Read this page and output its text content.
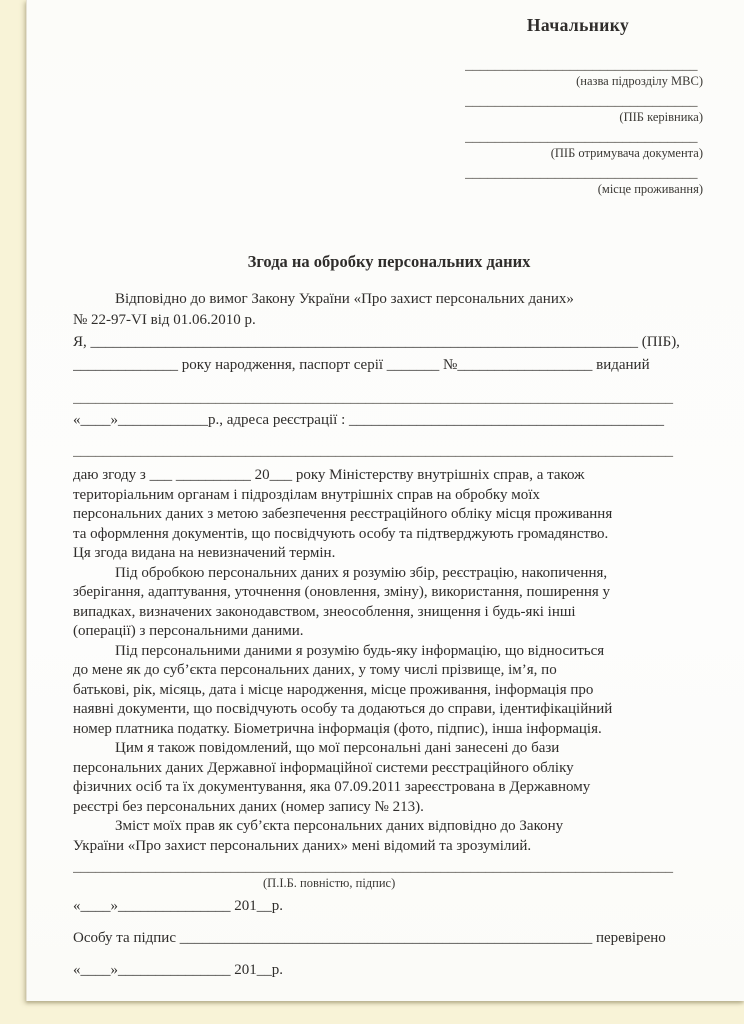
Начальнику
_______________________________
(назва підрозділу МВС)
_______________________________
(ПІБ керівника)
_______________________________
(ПІБ отримувача документа)
_______________________________
(місце проживання)
Згода на обробку персональних даних
Відповідно до вимог Закону України «Про захист персональних даних»
№ 22-97-VI від 01.06.2010 р.
Я, _________________________________________________________________________ (ПІБ),
______________ року народження, паспорт серії _______ №__________________ виданий
________________________________________________________________________________
«____»____________р., адреса реєстрації : __________________________________________
________________________________________________________________________________
даю згоду з ___ __________ 20___ року Міністерству внутрішніх справ, а також
територіальним органам і підрозділам внутрішніх справ на обробку моїх
персональних даних з метою забезпечення реєстраційного обліку місця проживання
та оформлення документів, що посвідчують особу та підтверджують громадянство.
Ця згода видана на невизначений термін.
Під обробкою персональних даних я розумію збір, реєстрацію, накопичення,
зберігання, адаптування, уточнення (оновлення, зміну), використання, поширення у
випадках, визначених законодавством, знеособлення, знищення і будь-які інші
(операції) з персональними даними.
Під персональними даними я розумію будь-яку інформацію, що відноситься
до мене як до суб’єкта персональних даних, у тому числі прізвище, ім’я, по
батькові, рік, місяць, дата і місце народження, місце проживання, інформація про
наявні документи, що посвідчують особу та додаються до справи, ідентифікаційний
номер платника податку. Біометрична інформація (фото, підпис), інша інформація.
Цим я також повідомлений, що мої персональні дані занесені до бази
персональних даних Державної інформаційної системи реєстраційного обліку
фізичних осіб та їх документування, яка 07.09.2011 зареєстрована в Державному
реєстрі без персональних даних (номер запису № 213).
Зміст моїх прав як суб’єкта персональних даних відповідно до Закону
України «Про захист персональних даних» мені відомий та зрозумілий.
________________________________________________________________________________
(П.І.Б. повністю, підпис)
«____»_______________ 201__р.
Особу та підпис _______________________________________________________ перевірено
«____»_______________ 201__р.
